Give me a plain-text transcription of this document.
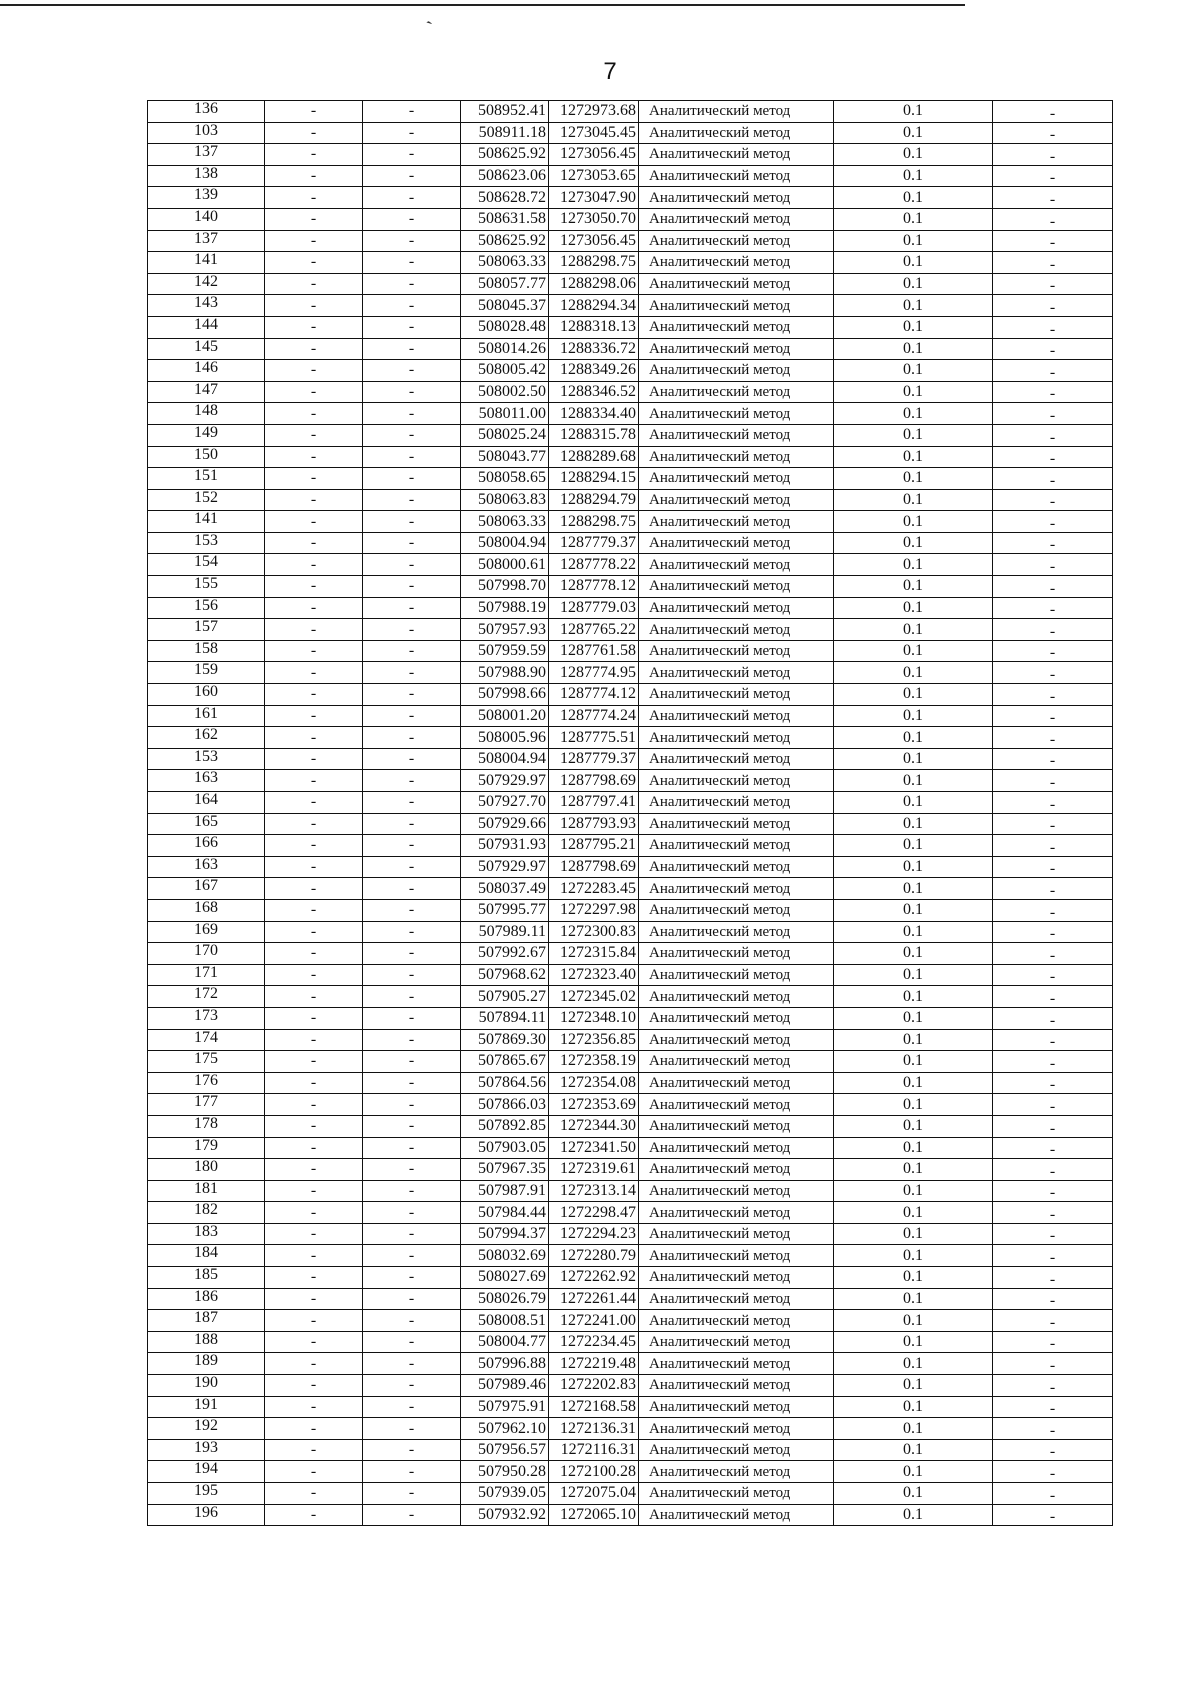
ˋ
7
136	-	-	508952.41	1272973.68	Аналитический метод	0.1	-
103	-	-	508911.18	1273045.45	Аналитический метод	0.1	-
137	-	-	508625.92	1273056.45	Аналитический метод	0.1	-
138	-	-	508623.06	1273053.65	Аналитический метод	0.1	-
139	-	-	508628.72	1273047.90	Аналитический метод	0.1	-
140	-	-	508631.58	1273050.70	Аналитический метод	0.1	-
137	-	-	508625.92	1273056.45	Аналитический метод	0.1	-
141	-	-	508063.33	1288298.75	Аналитический метод	0.1	-
142	-	-	508057.77	1288298.06	Аналитический метод	0.1	-
143	-	-	508045.37	1288294.34	Аналитический метод	0.1	-
144	-	-	508028.48	1288318.13	Аналитический метод	0.1	-
145	-	-	508014.26	1288336.72	Аналитический метод	0.1	-
146	-	-	508005.42	1288349.26	Аналитический метод	0.1	-
147	-	-	508002.50	1288346.52	Аналитический метод	0.1	-
148	-	-	508011.00	1288334.40	Аналитический метод	0.1	-
149	-	-	508025.24	1288315.78	Аналитический метод	0.1	-
150	-	-	508043.77	1288289.68	Аналитический метод	0.1	-
151	-	-	508058.65	1288294.15	Аналитический метод	0.1	-
152	-	-	508063.83	1288294.79	Аналитический метод	0.1	-
141	-	-	508063.33	1288298.75	Аналитический метод	0.1	-
153	-	-	508004.94	1287779.37	Аналитический метод	0.1	-
154	-	-	508000.61	1287778.22	Аналитический метод	0.1	-
155	-	-	507998.70	1287778.12	Аналитический метод	0.1	-
156	-	-	507988.19	1287779.03	Аналитический метод	0.1	-
157	-	-	507957.93	1287765.22	Аналитический метод	0.1	-
158	-	-	507959.59	1287761.58	Аналитический метод	0.1	-
159	-	-	507988.90	1287774.95	Аналитический метод	0.1	-
160	-	-	507998.66	1287774.12	Аналитический метод	0.1	-
161	-	-	508001.20	1287774.24	Аналитический метод	0.1	-
162	-	-	508005.96	1287775.51	Аналитический метод	0.1	-
153	-	-	508004.94	1287779.37	Аналитический метод	0.1	-
163	-	-	507929.97	1287798.69	Аналитический метод	0.1	-
164	-	-	507927.70	1287797.41	Аналитический метод	0.1	-
165	-	-	507929.66	1287793.93	Аналитический метод	0.1	-
166	-	-	507931.93	1287795.21	Аналитический метод	0.1	-
163	-	-	507929.97	1287798.69	Аналитический метод	0.1	-
167	-	-	508037.49	1272283.45	Аналитический метод	0.1	-
168	-	-	507995.77	1272297.98	Аналитический метод	0.1	-
169	-	-	507989.11	1272300.83	Аналитический метод	0.1	-
170	-	-	507992.67	1272315.84	Аналитический метод	0.1	-
171	-	-	507968.62	1272323.40	Аналитический метод	0.1	-
172	-	-	507905.27	1272345.02	Аналитический метод	0.1	-
173	-	-	507894.11	1272348.10	Аналитический метод	0.1	-
174	-	-	507869.30	1272356.85	Аналитический метод	0.1	-
175	-	-	507865.67	1272358.19	Аналитический метод	0.1	-
176	-	-	507864.56	1272354.08	Аналитический метод	0.1	-
177	-	-	507866.03	1272353.69	Аналитический метод	0.1	-
178	-	-	507892.85	1272344.30	Аналитический метод	0.1	-
179	-	-	507903.05	1272341.50	Аналитический метод	0.1	-
180	-	-	507967.35	1272319.61	Аналитический метод	0.1	-
181	-	-	507987.91	1272313.14	Аналитический метод	0.1	-
182	-	-	507984.44	1272298.47	Аналитический метод	0.1	-
183	-	-	507994.37	1272294.23	Аналитический метод	0.1	-
184	-	-	508032.69	1272280.79	Аналитический метод	0.1	-
185	-	-	508027.69	1272262.92	Аналитический метод	0.1	-
186	-	-	508026.79	1272261.44	Аналитический метод	0.1	-
187	-	-	508008.51	1272241.00	Аналитический метод	0.1	-
188	-	-	508004.77	1272234.45	Аналитический метод	0.1	-
189	-	-	507996.88	1272219.48	Аналитический метод	0.1	-
190	-	-	507989.46	1272202.83	Аналитический метод	0.1	-
191	-	-	507975.91	1272168.58	Аналитический метод	0.1	-
192	-	-	507962.10	1272136.31	Аналитический метод	0.1	-
193	-	-	507956.57	1272116.31	Аналитический метод	0.1	-
194	-	-	507950.28	1272100.28	Аналитический метод	0.1	-
195	-	-	507939.05	1272075.04	Аналитический метод	0.1	-
196	-	-	507932.92	1272065.10	Аналитический метод	0.1	-
